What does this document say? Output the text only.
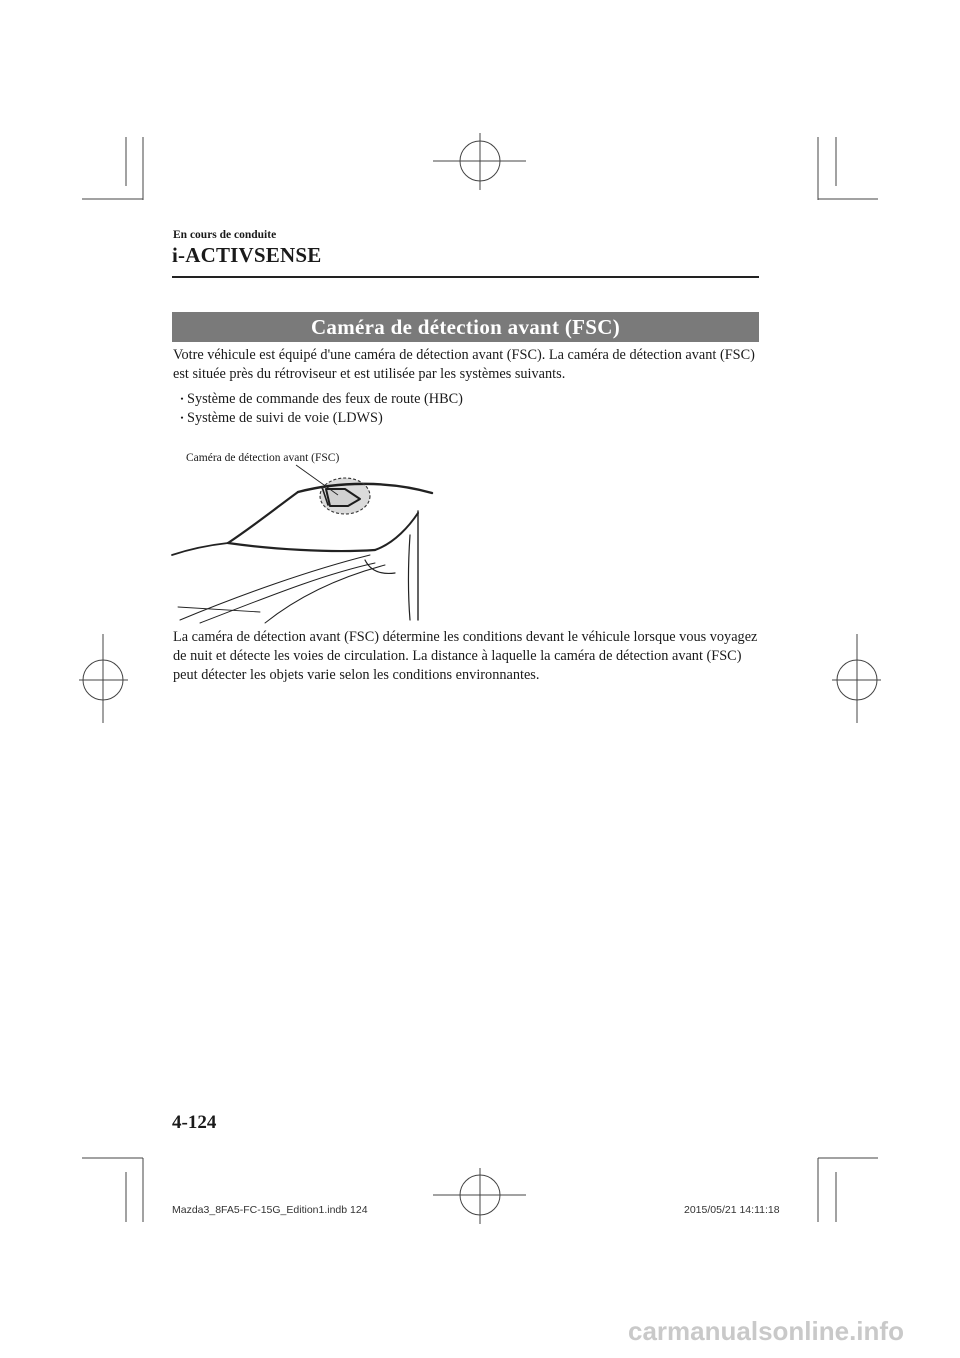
En cours de conduite
i-ACTIVSENSE
Caméra de détection avant (FSC)
Votre véhicule est équipé d'une caméra de détection avant (FSC). La caméra de détection avant (FSC) est située près du rétroviseur et est utilisée par les systèmes suivants.
・Système de commande des feux de route (HBC)
・Système de suivi de voie (LDWS)
Caméra de détection avant (FSC)
La caméra de détection avant (FSC) détermine les conditions devant le véhicule lorsque vous voyagez de nuit et détecte les voies de circulation. La distance à laquelle la caméra de détection avant (FSC) peut détecter les objets varie selon les conditions environnantes.
4-124
Mazda3_8FA5-FC-15G_Edition1.indb 124	2015/05/21 14:11:18
carmanualsonline.info
